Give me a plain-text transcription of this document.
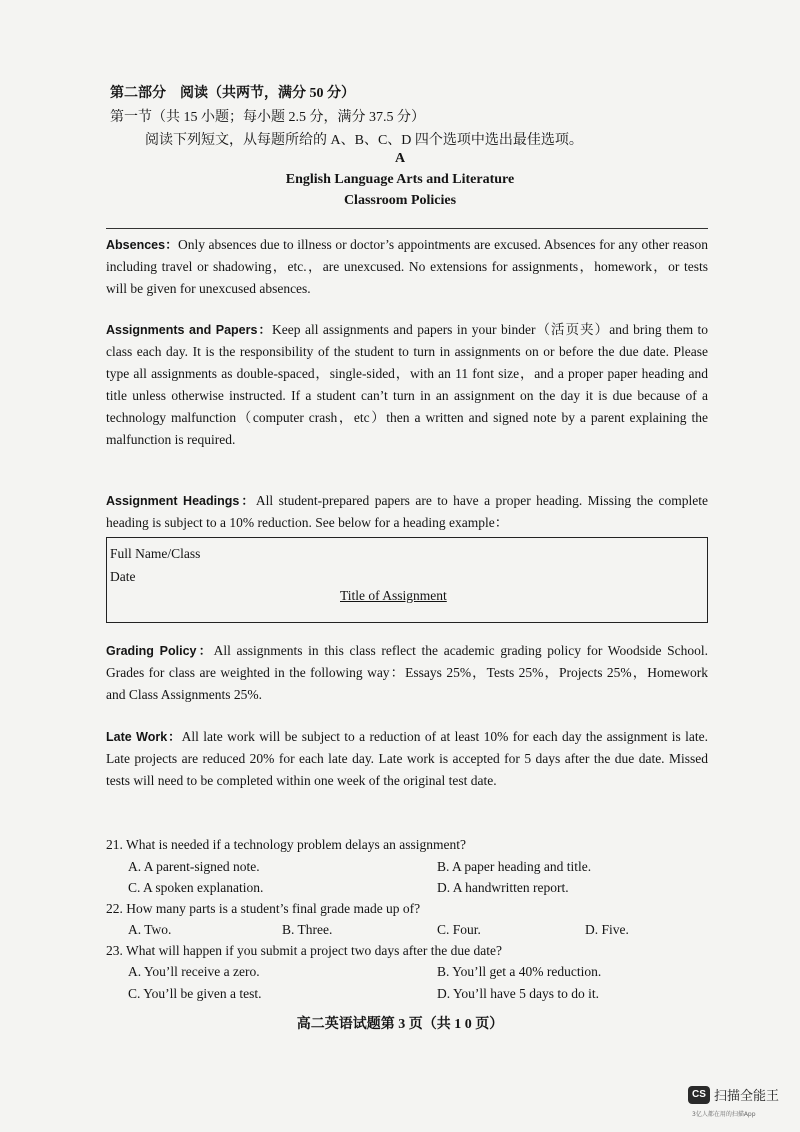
第二部分　阅读（共两节，满分 50 分）
第一节（共 15 小题；每小题 2.5 分，满分 37.5 分）
阅读下列短文，从每题所给的 A、B、C、D 四个选项中选出最佳选项。
A
English Language Arts and Literature
Classroom Policies
Absences：Only absences due to illness or doctor’s appointments are excused. Absences for any other reason including travel or shadowing，etc.，are unexcused. No extensions for assignments，homework，or tests will be given for unexcused absences.
Assignments and Papers：Keep all assignments and papers in your binder（活页夹）and bring them to class each day. It is the responsibility of the student to turn in assignments on or before the due date. Please type all assignments as double-spaced，single-sided，with an 11 font size，and a proper paper heading and title unless otherwise instructed. If a student can’t turn in an assignment on the day it is due because of a technology malfunction（computer crash，etc）then a written and signed note by a parent explaining the malfunction is required.
Assignment Headings：All student-prepared papers are to have a proper heading. Missing the complete heading is subject to a 10% reduction. See below for a heading example：
Full Name/Class
Date
Title of Assignment
Grading Policy：All assignments in this class reflect the academic grading policy for Woodside School. Grades for class are weighted in the following way：Essays 25%，Tests 25%，Projects 25%，Homework and Class Assignments 25%.
Late Work：All late work will be subject to a reduction of at least 10% for each day the assignment is late. Late projects are reduced 20% for each late day. Late work is accepted for 5 days after the due date. Missed tests will need to be completed within one week of the original test date.
21. What is needed if a technology problem delays an assignment?
A. A parent-signed note.	B. A paper heading and title.
C. A spoken explanation.	D. A handwritten report.
22. How many parts is a student’s final grade made up of?
A. Two.	B. Three.	C. Four.	D. Five.
23. What will happen if you submit a project two days after the due date?
A. You’ll receive a zero.	B. You’ll get a 40% reduction.
C. You’ll be given a test.	D. You’ll have 5 days to do it.
高二英语试题第 3 页（共 1 0 页）
CS 扫描全能王
3亿人都在用的扫描App
